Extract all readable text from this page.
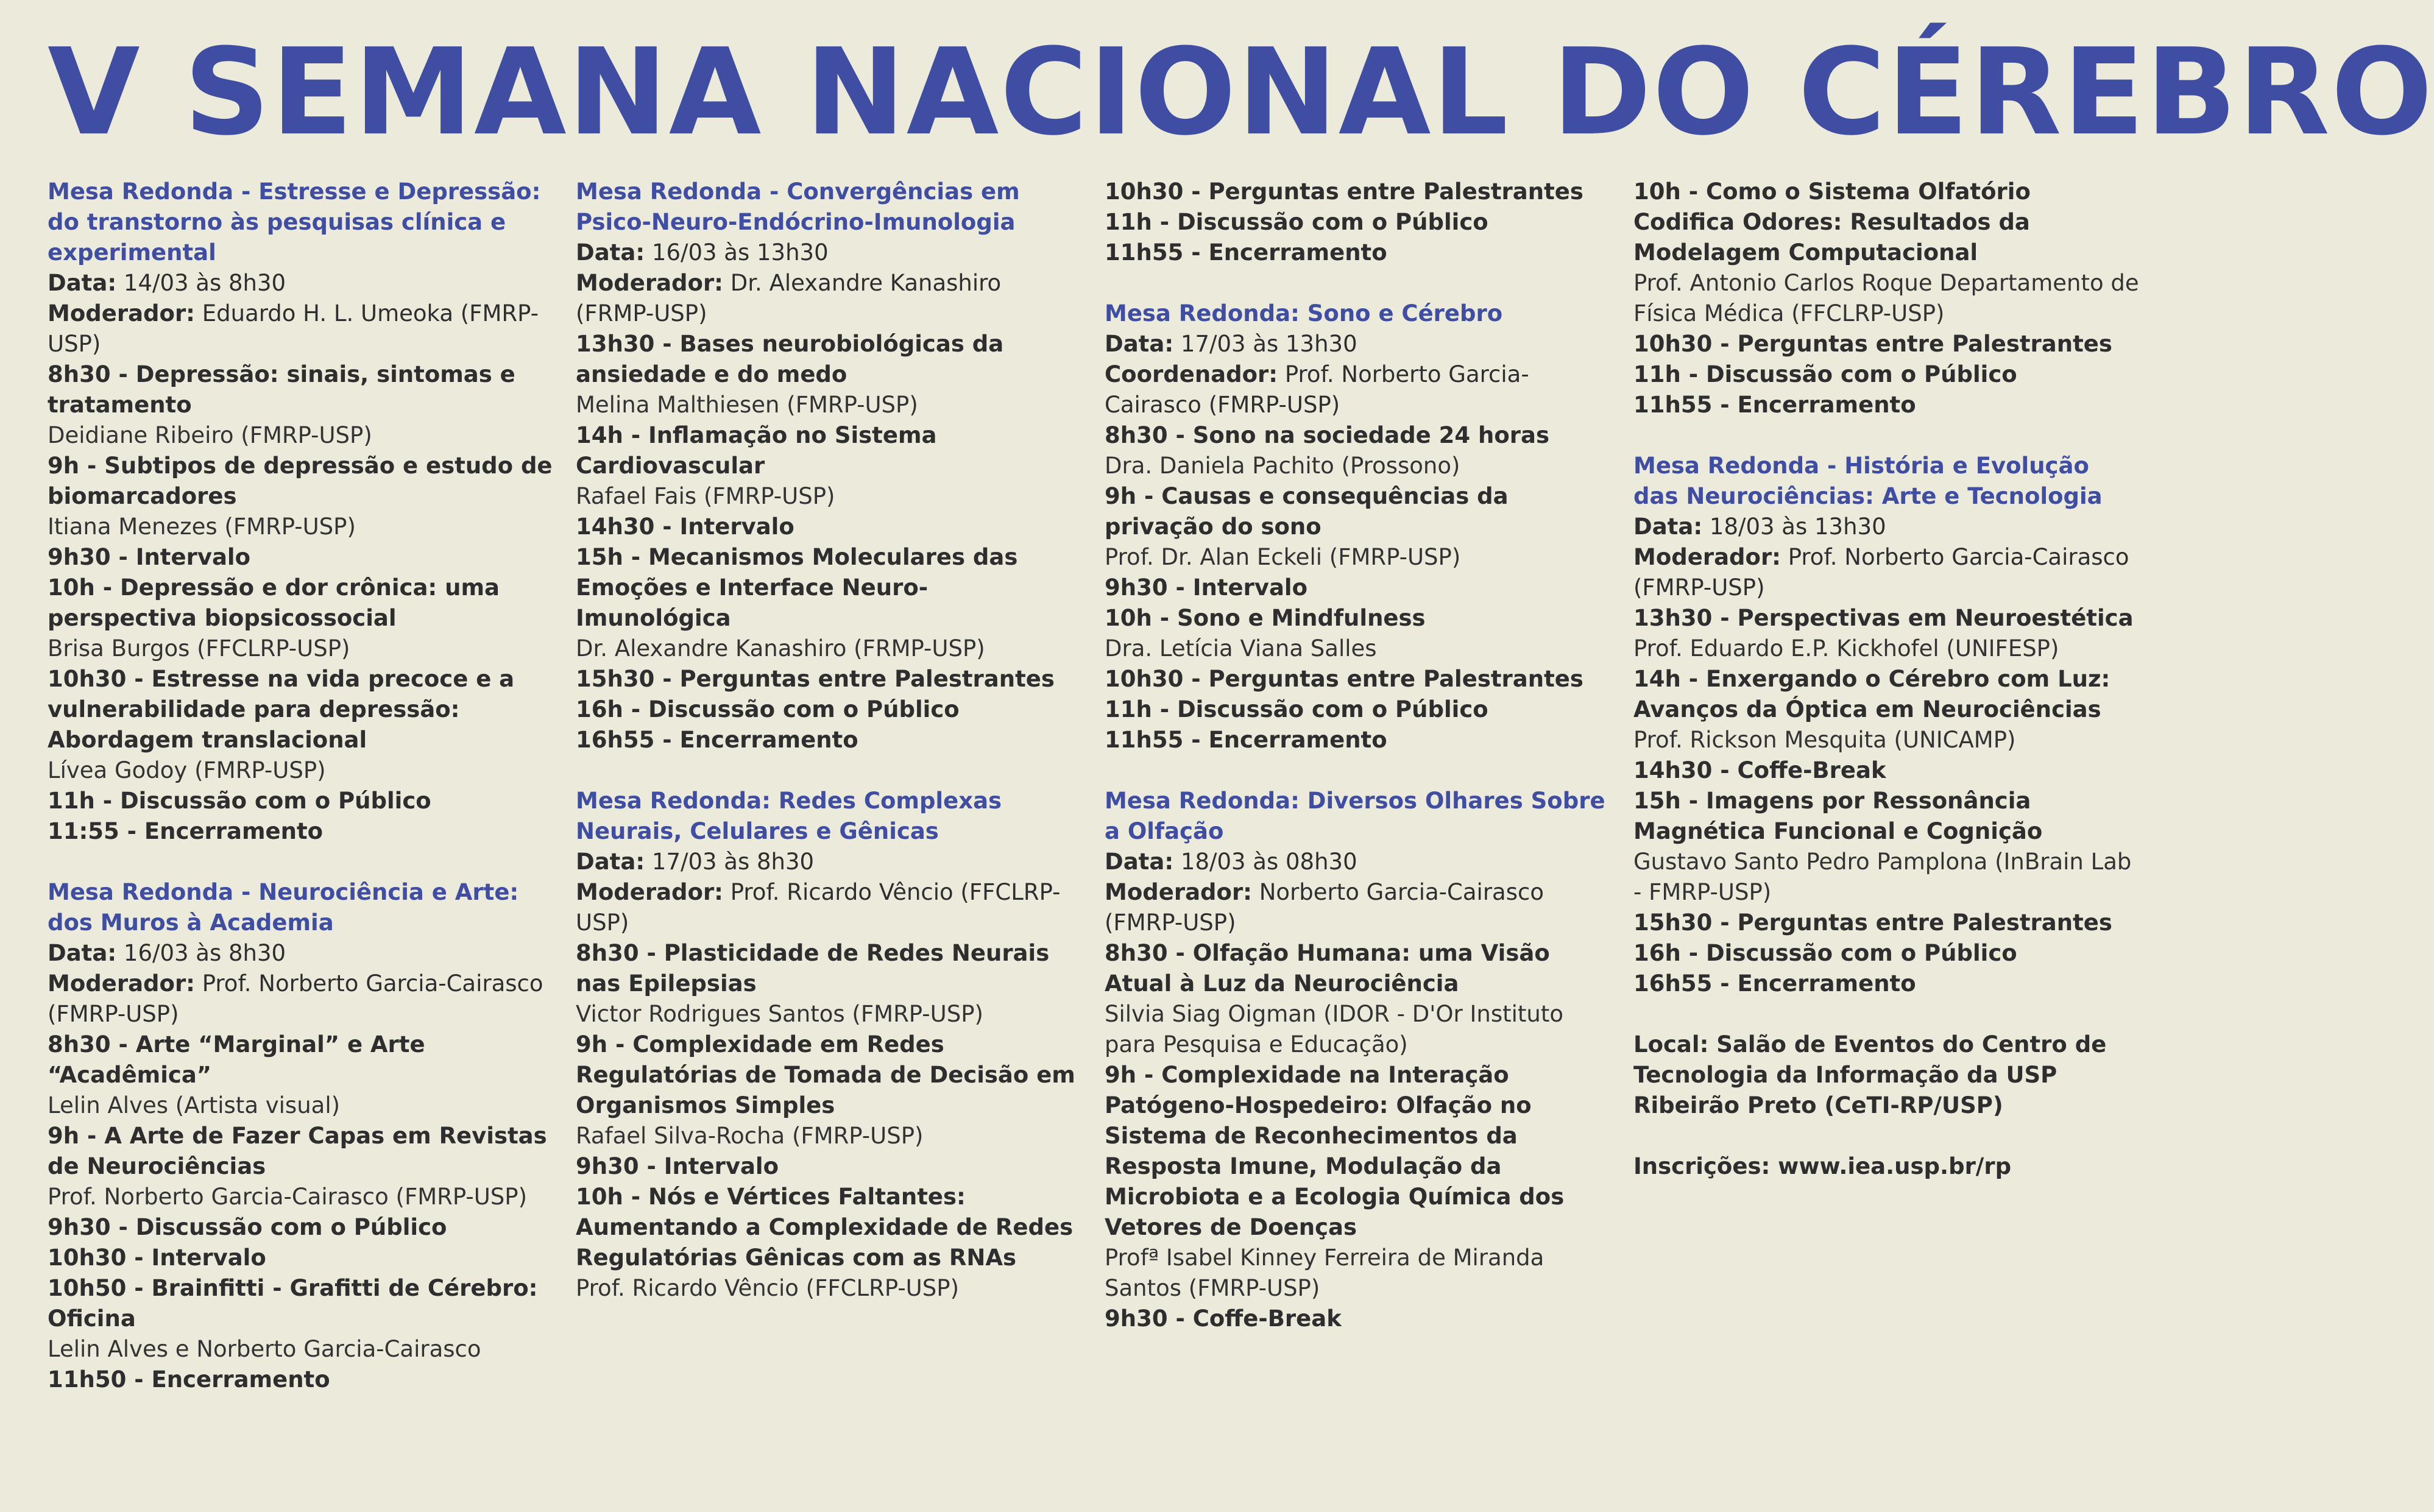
V SEMANA NACIONAL DO CÉREBRO
Mesa Redonda - Estresse e Depressão: do transtorno às pesquisas clínica e experimental
Data: 14/03 às 8h30
Moderador: Eduardo H. L. Umeoka (FMRP-USP)
8h30 - Depressão: sinais, sintomas e tratamento
Deidiane Ribeiro (FMRP-USP)
9h - Subtipos de depressão e estudo de biomarcadores
Itiana Menezes (FMRP-USP)
9h30 - Intervalo
10h - Depressão e dor crônica: uma perspectiva biopsicossocial
Brisa Burgos (FFCLRP-USP)
10h30 - Estresse na vida precoce e a vulnerabilidade para depressão: Abordagem translacional
Lívea Godoy (FMRP-USP)
11h - Discussão com o Público
11:55 - Encerramento
Mesa Redonda - Neurociência e Arte: dos Muros à Academia
Data: 16/03 às 8h30
Moderador: Prof. Norberto Garcia-Cairasco (FMRP-USP)
8h30 - Arte “Marginal” e Arte “Acadêmica”
Lelin Alves (Artista visual)
9h - A Arte de Fazer Capas em Revistas de Neurociências
Prof. Norberto Garcia-Cairasco (FMRP-USP)
9h30 - Discussão com o Público
10h30 - Intervalo
10h50 - Brainfitti - Grafitti de Cérebro: Oficina
Lelin Alves e Norberto Garcia-Cairasco
11h50 - Encerramento
Mesa Redonda - Convergências em Psico-Neuro-Endócrino-Imunologia
Data: 16/03 às 13h30
Moderador: Dr. Alexandre Kanashiro (FRMP-USP)
13h30 - Bases neurobiológicas da ansiedade e do medo
Melina Malthiesen (FMRP-USP)
14h - Inflamação no Sistema Cardiovascular
Rafael Fais (FMRP-USP)
14h30 - Intervalo
15h - Mecanismos Moleculares das Emoções e Interface Neuro-Imunológica
Dr. Alexandre Kanashiro (FRMP-USP)
15h30 - Perguntas entre Palestrantes
16h - Discussão com o Público
16h55 - Encerramento
Mesa Redonda: Redes Complexas Neurais, Celulares e Gênicas
Data: 17/03 às 8h30
Moderador: Prof. Ricardo Vêncio (FFCLRP-USP)
8h30 - Plasticidade de Redes Neurais nas Epilepsias
Victor Rodrigues Santos (FMRP-USP)
9h - Complexidade em Redes Regulatórias de Tomada de Decisão em Organismos Simples
Rafael Silva-Rocha (FMRP-USP)
9h30 - Intervalo
10h - Nós e Vértices Faltantes: Aumentando a Complexidade de Redes Regulatórias Gênicas com as RNAs
Prof. Ricardo Vêncio (FFCLRP-USP)
10h30 - Perguntas entre Palestrantes
11h - Discussão com o Público
11h55 - Encerramento
Mesa Redonda: Sono e Cérebro
Data: 17/03 às 13h30
Coordenador: Prof. Norberto Garcia-Cairasco (FMRP-USP)
8h30 - Sono na sociedade 24 horas
Dra. Daniela Pachito (Prossono)
9h - Causas e consequências da privação do sono
Prof. Dr. Alan Eckeli (FMRP-USP)
9h30 - Intervalo
10h - Sono e Mindfulness
Dra. Letícia Viana Salles
10h30 - Perguntas entre Palestrantes
11h - Discussão com o Público
11h55 - Encerramento
Mesa Redonda: Diversos Olhares Sobre a Olfação
Data: 18/03 às 08h30
Moderador: Norberto Garcia-Cairasco (FMRP-USP)
8h30 - Olfação Humana: uma Visão Atual à Luz da Neurociência
Silvia Siag Oigman (IDOR - D'Or Instituto para Pesquisa e Educação)
9h - Complexidade na Interação Patógeno-Hospedeiro: Olfação no Sistema de Reconhecimentos da Resposta Imune, Modulação da Microbiota e a Ecologia Química dos Vetores de Doenças
Profª Isabel Kinney Ferreira de Miranda Santos (FMRP-USP)
9h30 - Coffe-Break
10h - Como o Sistema Olfatório Codifica Odores: Resultados da Modelagem Computacional
Prof. Antonio Carlos Roque Departamento de Física Médica (FFCLRP-USP)
10h30 - Perguntas entre Palestrantes
11h - Discussão com o Público
11h55 - Encerramento
Mesa Redonda - História e Evolução das Neurociências: Arte e Tecnologia
Data: 18/03 às 13h30
Moderador: Prof. Norberto Garcia-Cairasco (FMRP-USP)
13h30 - Perspectivas em Neuroestética
Prof. Eduardo E.P. Kickhofel (UNIFESP)
14h - Enxergando o Cérebro com Luz: Avanços da Óptica em Neurociências
Prof. Rickson Mesquita (UNICAMP)
14h30 - Coffe-Break
15h - Imagens por Ressonância Magnética Funcional e Cognição
Gustavo Santo Pedro Pamplona (InBrain Lab - FMRP-USP)
15h30 - Perguntas entre Palestrantes
16h - Discussão com o Público
16h55 - Encerramento
Local: Salão de Eventos do Centro de Tecnologia da Informação da USP Ribeirão Preto (CeTI-RP/USP)
Inscrições: www.iea.usp.br/rp
